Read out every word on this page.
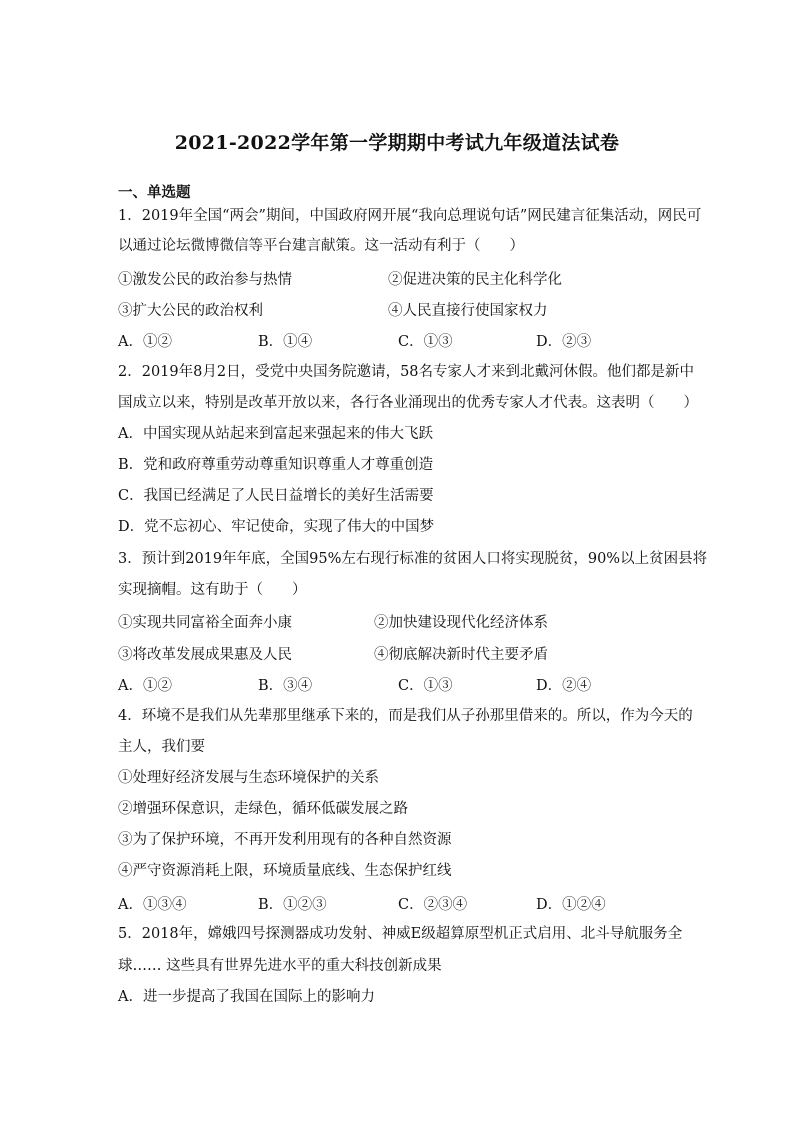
2021-2022学年第一学期期中考试九年级道法试卷
一、单选题
1．2019年全国“两会”期间，中国政府网开展“我向总理说句话”网民建言征集活动，网民可
以通过论坛微博微信等平台建言献策。这一活动有利于（　　）
①激发公民的政治参与热情	②促进决策的民主化科学化
③扩大公民的政治权利	④人民直接行使国家权力
A．①②	B．①④	C．①③	D．②③
2．2019年8月2日，受党中央国务院邀请，58名专家人才来到北戴河休假。他们都是新中
国成立以来，特别是改革开放以来，各行各业涌现出的优秀专家人才代表。这表明（　　）
A．中国实现从站起来到富起来强起来的伟大飞跃
B．党和政府尊重劳动尊重知识尊重人才尊重创造
C．我国已经满足了人民日益增长的美好生活需要
D．党不忘初心、牢记使命，实现了伟大的中国梦
3．预计到2019年年底，全国95%左右现行标准的贫困人口将实现脱贫，90%以上贫困县将
实现摘帽。这有助于（　　）
①实现共同富裕全面奔小康	②加快建设现代化经济体系
③将改革发展成果惠及人民	④彻底解决新时代主要矛盾
A．①②	B．③④	C．①③	D．②④
4．环境不是我们从先辈那里继承下来的，而是我们从子孙那里借来的。所以，作为今天的
主人，我们要
①处理好经济发展与生态环境保护的关系
②增强环保意识，走绿色，循环低碳发展之路
③为了保护环境，不再开发利用现有的各种自然资源
④严守资源消耗上限，环境质量底线、生态保护红线
A．①③④	B．①②③	C．②③④	D．①②④
5．2018年，嫦娥四号探测器成功发射、神威E级超算原型机正式启用、北斗导航服务全
球…… 这些具有世界先进水平的重大科技创新成果
A．进一步提高了我国在国际上的影响力
